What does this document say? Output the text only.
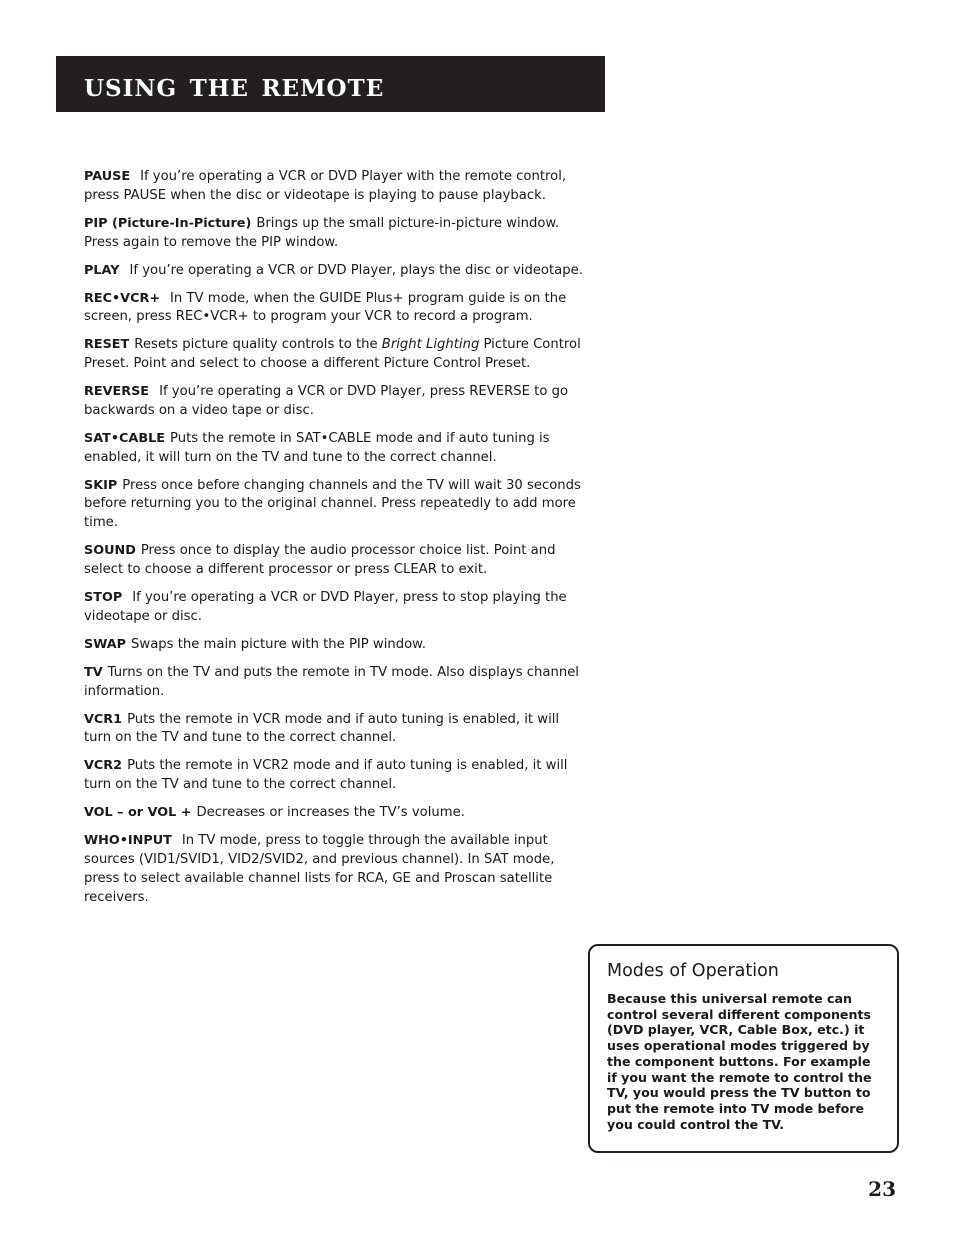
using the remote

PAUSE If you’re operating a VCR or DVD Player with the remote control, press PAUSE when the disc or videotape is playing to pause playback.

PIP (Picture-In-Picture) Brings up the small picture-in-picture window. Press again to remove the PIP window.

PLAY If you’re operating a VCR or DVD Player, plays the disc or videotape.

REC•VCR+ In TV mode, when the GUIDE Plus+ program guide is on the screen, press REC•VCR+ to program your VCR to record a program.

RESET Resets picture quality controls to the Bright Lighting Picture Control Preset. Point and select to choose a different Picture Control Preset.

REVERSE If you’re operating a VCR or DVD Player, press REVERSE to go backwards on a video tape or disc.

SAT•CABLE Puts the remote in SAT•CABLE mode and if auto tuning is enabled, it will turn on the TV and tune to the correct channel.

SKIP Press once before changing channels and the TV will wait 30 seconds before returning you to the original channel. Press repeatedly to add more time.

SOUND Press once to display the audio processor choice list. Point and select to choose a different processor or press CLEAR to exit.

STOP If you’re operating a VCR or DVD Player, press to stop playing the videotape or disc.

SWAP Swaps the main picture with the PIP window.

TV Turns on the TV and puts the remote in TV mode. Also displays channel information.

VCR1 Puts the remote in VCR mode and if auto tuning is enabled, it will turn on the TV and tune to the correct channel.

VCR2 Puts the remote in VCR2 mode and if auto tuning is enabled, it will turn on the TV and tune to the correct channel.

VOL – or VOL + Decreases or increases the TV’s volume.

WHO•INPUT In TV mode, press to toggle through the available input sources (VID1/SVID1, VID2/SVID2, and previous channel). In SAT mode, press to select available channel lists for RCA, GE and Proscan satellite receivers.

Modes of Operation
Because this universal remote can control several different components (DVD player, VCR, Cable Box, etc.) it uses operational modes triggered by the component buttons. For example if you want the remote to control the TV, you would press the TV button to put the remote into TV mode before you could control the TV.
23
